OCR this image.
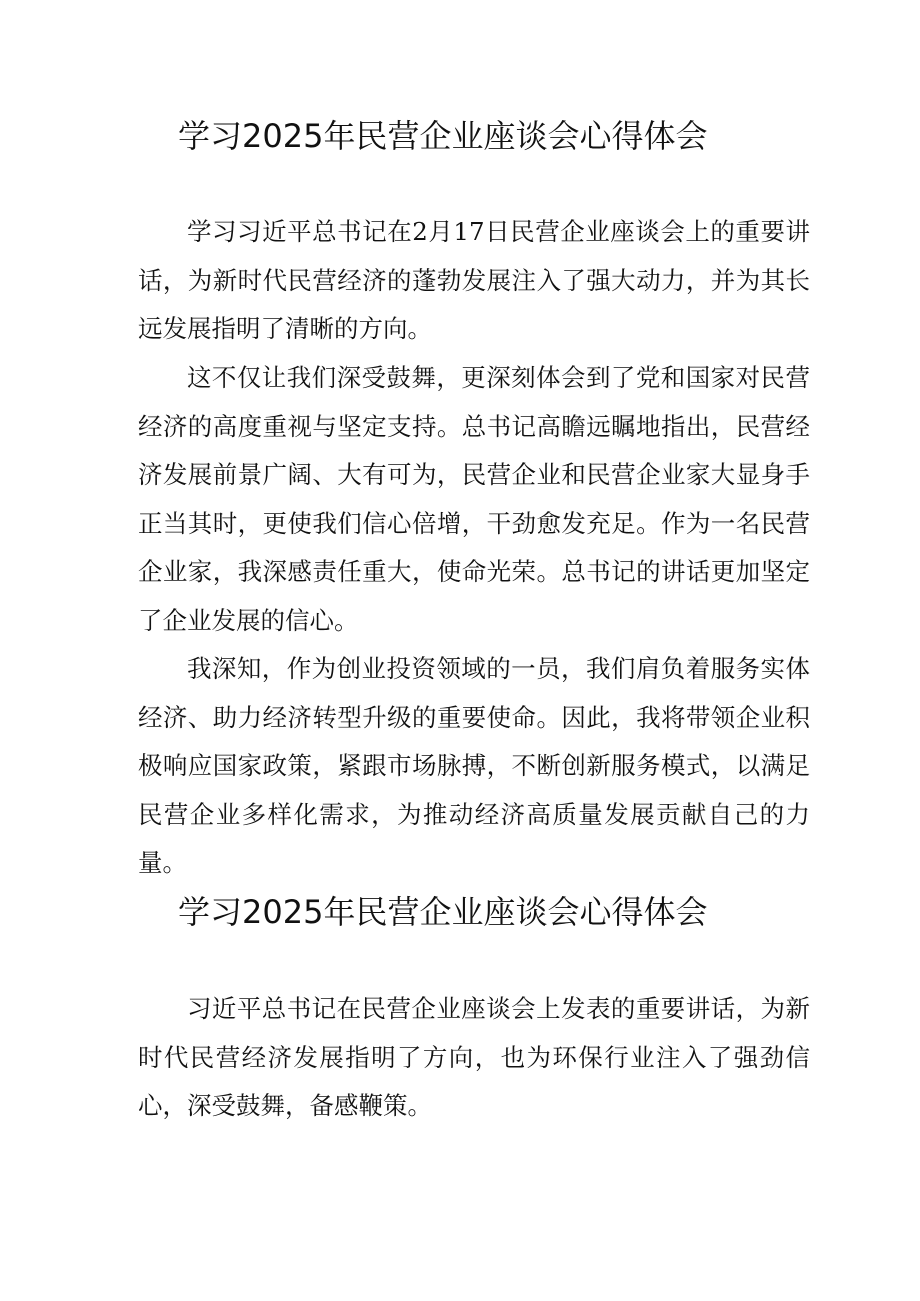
学习2025年民营企业座谈会心得体会

学习习近平总书记在2月17日民营企业座谈会上的重要讲话，为新时代民营经济的蓬勃发展注入了强大动力，并为其长远发展指明了清晰的方向。

这不仅让我们深受鼓舞，更深刻体会到了党和国家对民营经济的高度重视与坚定支持。总书记高瞻远瞩地指出，民营经济发展前景广阔、大有可为，民营企业和民营企业家大显身手正当其时，更使我们信心倍增，干劲愈发充足。作为一名民营企业家，我深感责任重大，使命光荣。总书记的讲话更加坚定了企业发展的信心。

我深知，作为创业投资领域的一员，我们肩负着服务实体经济、助力经济转型升级的重要使命。因此，我将带领企业积极响应国家政策，紧跟市场脉搏，不断创新服务模式，以满足民营企业多样化需求，为推动经济高质量发展贡献自己的力量。

学习2025年民营企业座谈会心得体会

习近平总书记在民营企业座谈会上发表的重要讲话，为新时代民营经济发展指明了方向，也为环保行业注入了强劲信心，深受鼓舞，备感鞭策。
